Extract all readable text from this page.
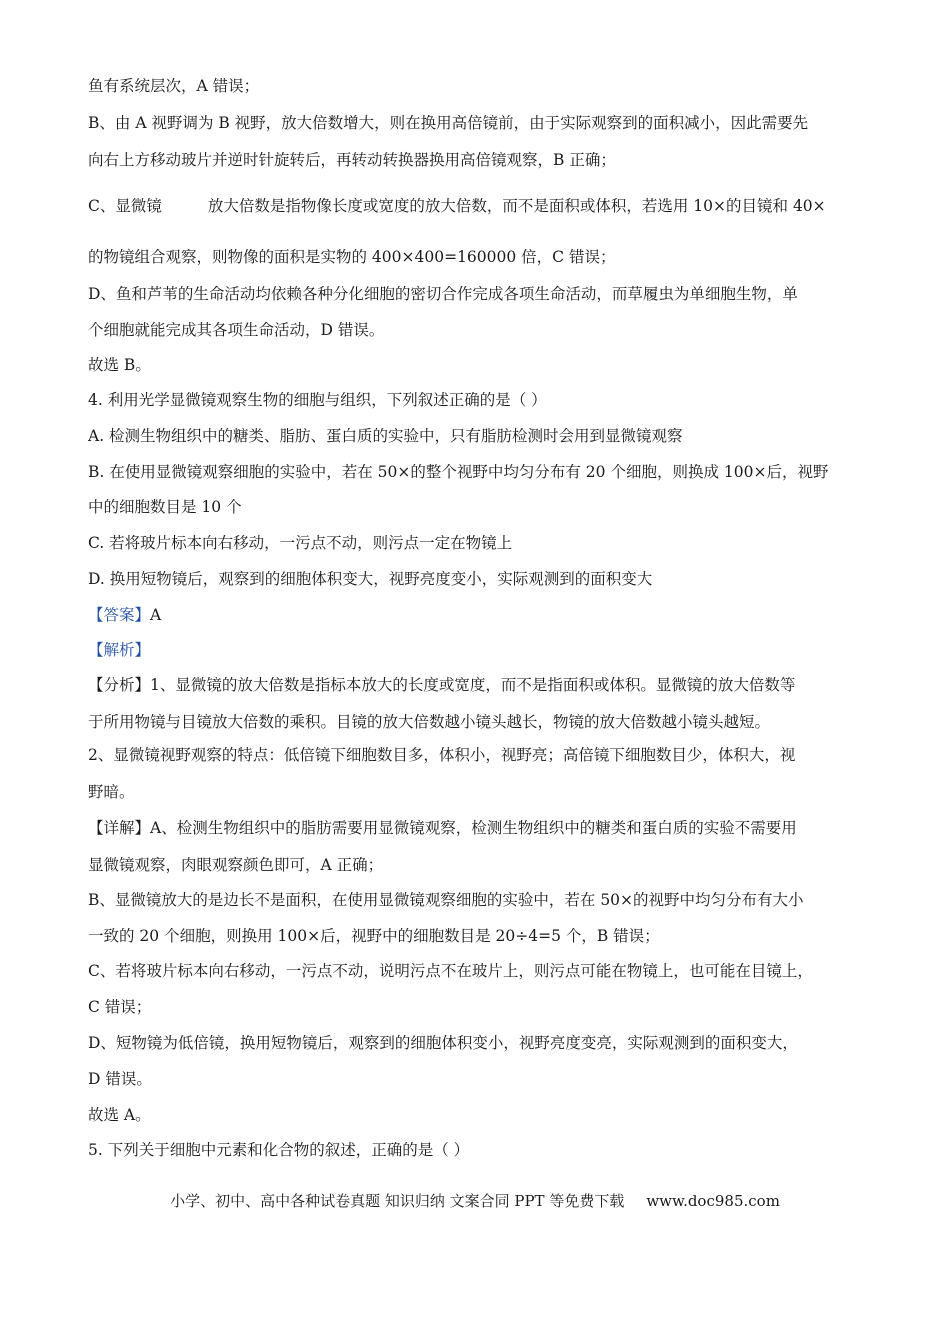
鱼有系统层次，A 错误；
B、由 A 视野调为 B 视野，放大倍数增大，则在换用高倍镜前，由于实际观察到的面积减小，因此需要先
向右上方移动玻片并逆时针旋转后，再转动转换器换用高倍镜观察，B 正确；
C、显微镜	放大倍数是指物像长度或宽度的放大倍数，而不是面积或体积，若选用 10×的目镜和 40×
的物镜组合观察，则物像的面积是实物的 400×400=160000 倍，C 错误；
D、鱼和芦苇的生命活动均依赖各种分化细胞的密切合作完成各项生命活动，而草履虫为单细胞生物，单
个细胞就能完成其各项生命活动，D 错误。
故选 B。
4. 利用光学显微镜观察生物的细胞与组织，下列叙述正确的是（ ）
A. 检测生物组织中的糖类、脂肪、蛋白质的实验中，只有脂肪检测时会用到显微镜观察
B. 在使用显微镜观察细胞的实验中，若在 50×的整个视野中均匀分布有 20 个细胞，则换成 100×后，视野
中的细胞数目是 10 个
C. 若将玻片标本向右移动，一污点不动，则污点一定在物镜上
D. 换用短物镜后，观察到的细胞体积变大，视野亮度变小，实际观测到的面积变大
【答案】A
【解析】
【分析】1、显微镜的放大倍数是指标本放大的长度或宽度，而不是指面积或体积。显微镜的放大倍数等
于所用物镜与目镜放大倍数的乘积。目镜的放大倍数越小镜头越长，物镜的放大倍数越小镜头越短。
2、显微镜视野观察的特点：低倍镜下细胞数目多，体积小，视野亮；高倍镜下细胞数目少，体积大，视
野暗。
【详解】A、检测生物组织中的脂肪需要用显微镜观察，检测生物组织中的糖类和蛋白质的实验不需要用
显微镜观察，肉眼观察颜色即可，A 正确；
B、显微镜放大的是边长不是面积，在使用显微镜观察细胞的实验中，若在 50×的视野中均匀分布有大小
一致的 20 个细胞，则换用 100×后，视野中的细胞数目是 20÷4=5 个，B 错误；
C、若将玻片标本向右移动，一污点不动，说明污点不在玻片上，则污点可能在物镜上，也可能在目镜上，
C 错误；
D、短物镜为低倍镜，换用短物镜后，观察到的细胞体积变小，视野亮度变亮，实际观测到的面积变大，
D 错误。
故选 A。
5. 下列关于细胞中元素和化合物的叙述，正确的是（ ）
小学、初中、高中各种试卷真题 知识归纳 文案合同 PPT 等免费下载 www.doc985.com
